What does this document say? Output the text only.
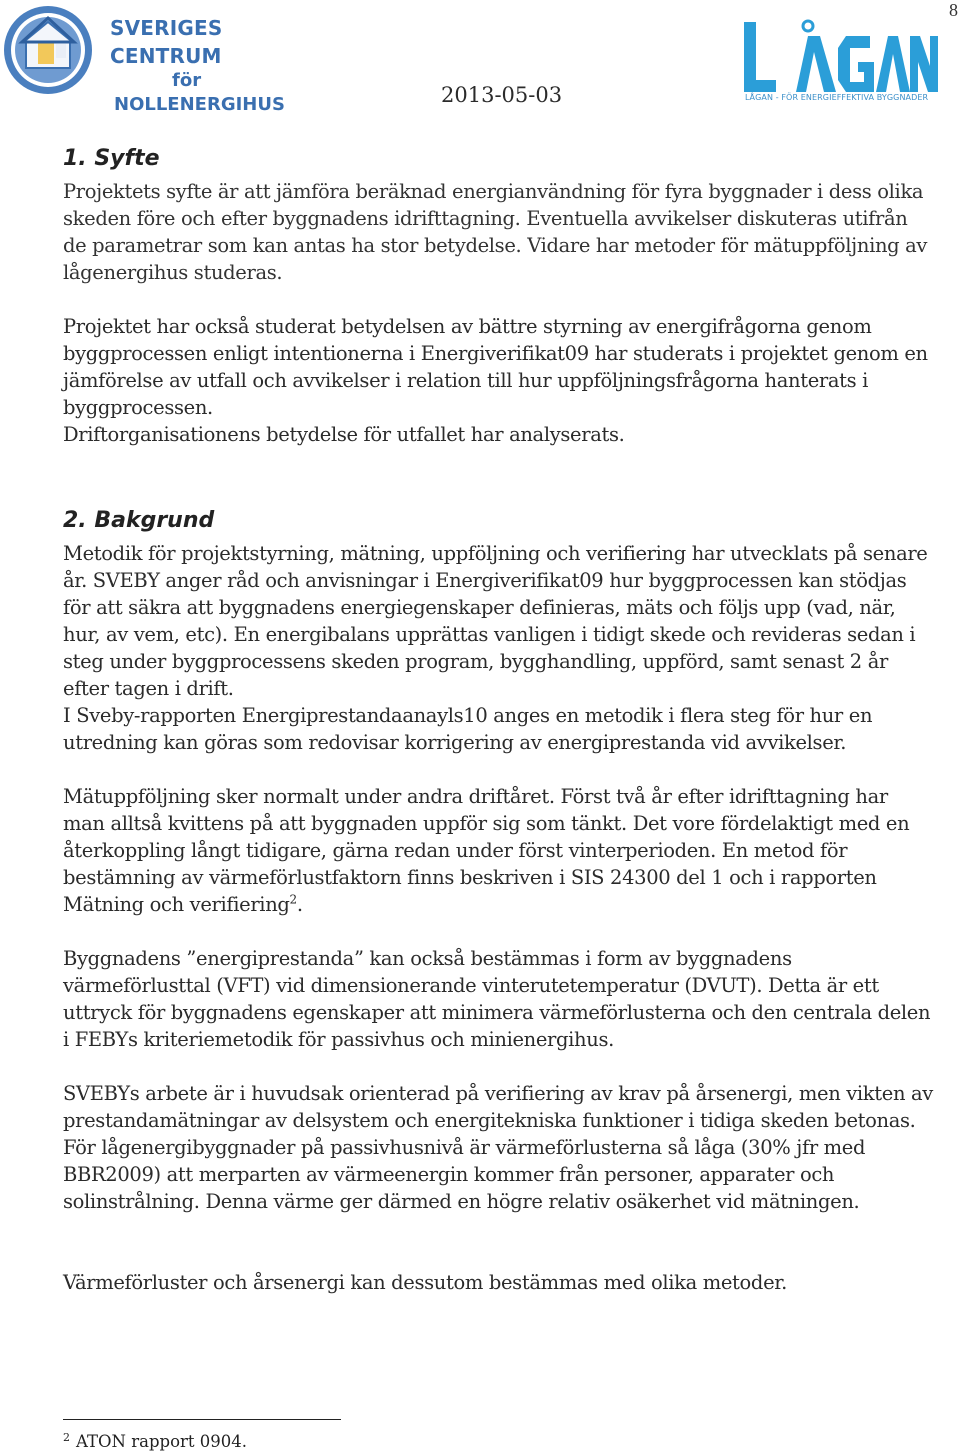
8
SVERIGES CENTRUM
för
NOLLENERGIHUS	LÅGAN - FÖR ENERGIEFFEKTIVA BYGGNADER
2013-05-03
1. Syfte

Projektets syfte är att jämföra beräknad energianvändning för fyra byggnader i dess olika skeden före och efter byggnadens idrifttagning. Eventuella avvikelser diskuteras utifrån de parametrar som kan antas ha stor betydelse. Vidare har metoder för mätuppföljning av lågenergihus studeras.

Projektet har också studerat betydelsen av bättre styrning av energifrågorna genom byggprocessen enligt intentionerna i Energiverifikat09 har studerats i projektet genom en jämförelse av utfall och avvikelser i relation till hur uppföljningsfrågorna hanterats i byggprocessen.

Driftorganisationens betydelse för utfallet har analyserats.

2. Bakgrund

Metodik för projektstyrning, mätning, uppföljning och verifiering har utvecklats på senare år. SVEBY anger råd och anvisningar i Energiverifikat09 hur byggprocessen kan stödjas för att säkra att byggnadens energiegenskaper definieras, mäts och följs upp (vad, när, hur, av vem, etc). En energibalans upprättas vanligen i tidigt skede och revideras sedan i steg under byggprocessens skeden program, bygghandling, uppförd, samt senast 2 år efter tagen i drift.

I Sveby-rapporten Energiprestandaanayls10 anges en metodik i flera steg för hur en utredning kan göras som redovisar korrigering av energiprestanda vid avvikelser.

Mätuppföljning sker normalt under andra driftåret. Först två år efter idrifttagning har man alltså kvittens på att byggnaden uppför sig som tänkt. Det vore fördelaktigt med en återkoppling långt tidigare, gärna redan under först vinterperioden. En metod för bestämning av värmeförlustfaktorn finns beskriven i SIS 24300 del 1 och i rapporten Mätning och verifiering$^2$.

Byggnadens ”energiprestanda” kan också bestämmas i form av byggnadens värmeförlusttal (VFT) vid dimensionerande vinterutetemperatur (DVUT). Detta är ett uttryck för byggnadens egenskaper att minimera värmeförlusterna och den centrala delen i FEBYs kriteriemetodik för passivhus och minienergihus.

SVEBYs arbete är i huvudsak orienterad på verifiering av krav på årsenergi, men vikten av prestandamätningar av delsystem och energitekniska funktioner i tidiga skeden betonas. För lågenergibyggnader på passivhusnivå är värmeförlusterna så låga (30% jfr med BBR2009) att merparten av värmeenergin kommer från personer, apparater och solinstrålning. Denna värme ger därmed en högre relativ osäkerhet vid mätningen.

Värmeförluster och årsenergi kan dessutom bestämmas med olika metoder.

$^2$ ATON rapport 0904.
